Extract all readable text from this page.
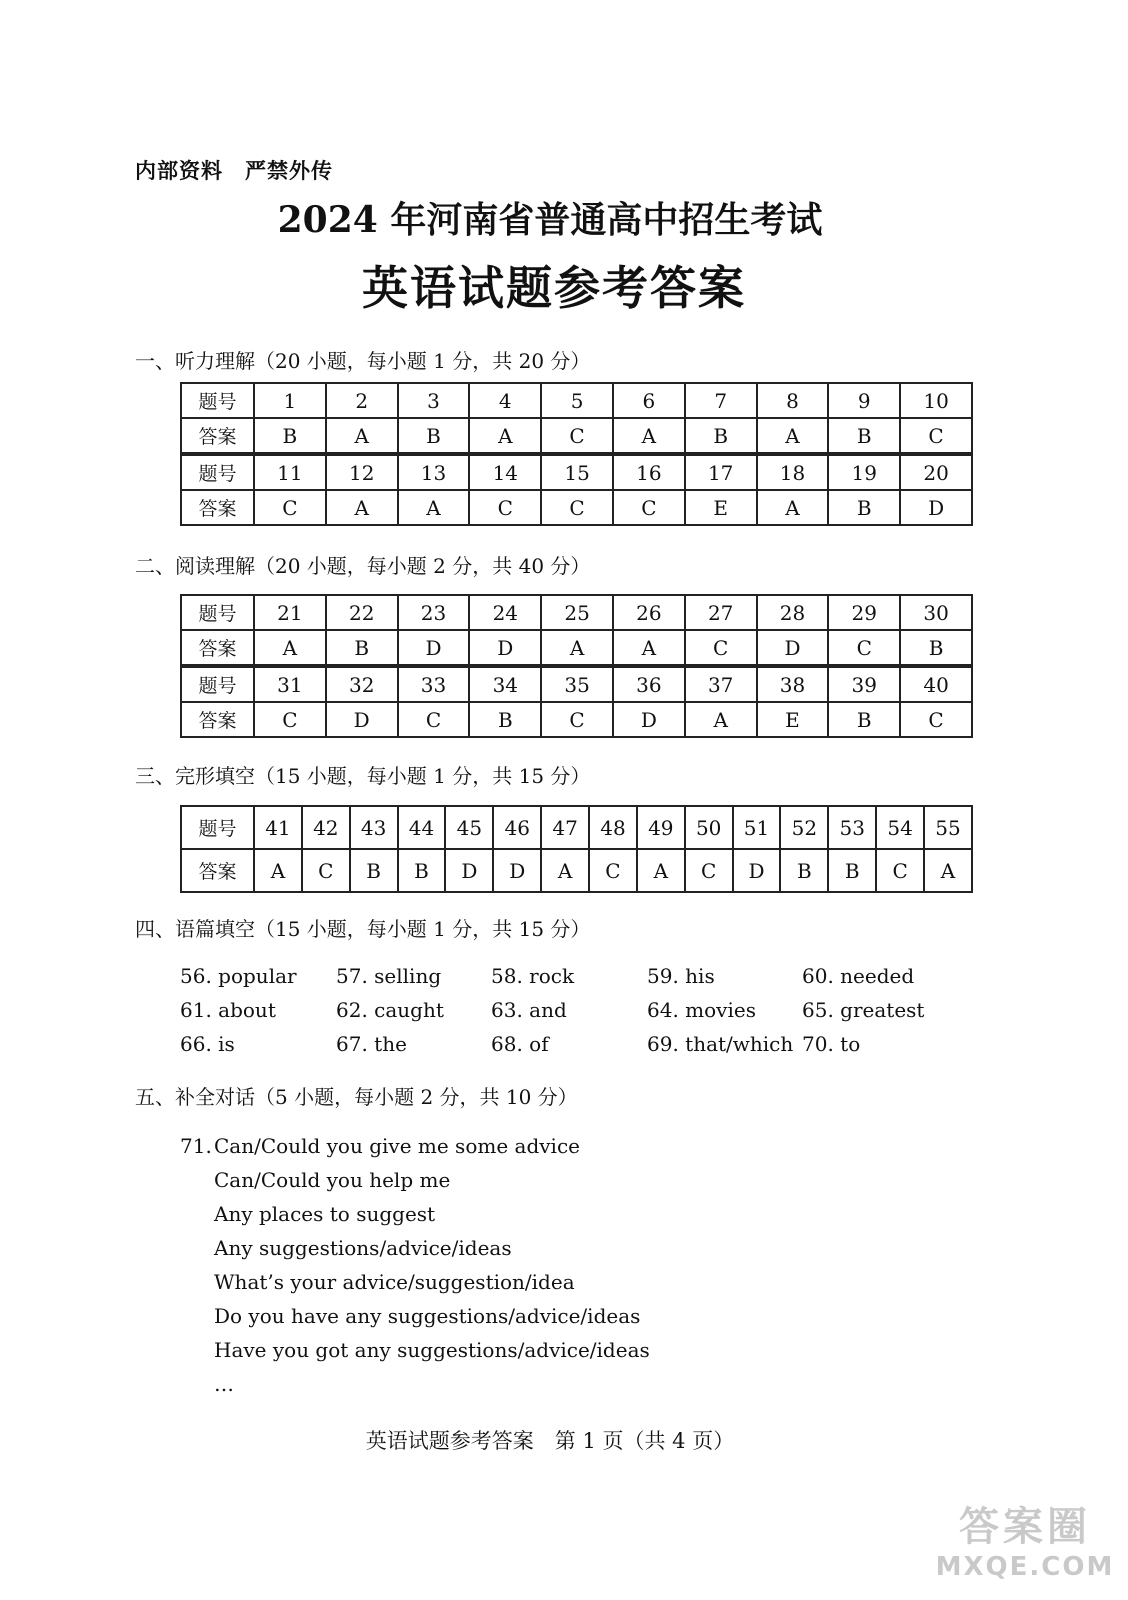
内部资料　严禁外传
2024 年河南省普通高中招生考试
英语试题参考答案
一、听力理解（20 小题，每小题 1 分，共 20 分）
题号	1	2	3	4	5	6	7	8	9	10
答案	B	A	B	A	C	A	B	A	B	C
题号	11	12	13	14	15	16	17	18	19	20
答案	C	A	A	C	C	C	E	A	B	D
二、阅读理解（20 小题，每小题 2 分，共 40 分）
题号	21	22	23	24	25	26	27	28	29	30
答案	A	B	D	D	A	A	C	D	C	B
题号	31	32	33	34	35	36	37	38	39	40
答案	C	D	C	B	C	D	A	E	B	C
三、完形填空（15 小题，每小题 1 分，共 15 分）
题号	41	42	43	44	45	46	47	48	49	50	51	52	53	54	55
答案	A	C	B	B	D	D	A	C	A	C	D	B	B	C	A
四、语篇填空（15 小题，每小题 1 分，共 15 分）
56. popular 57. selling 58. rock	59. his	60. needed
61. about	62. caught 63. and	64. movies 65. greatest
66. is	67. the	68. of	69. that/which 70. to
五、补全对话（5 小题，每小题 2 分，共 10 分）
71. Can/Could you give me some advice
Can/Could you help me
Any places to suggest
Any suggestions/advice/ideas
What’s your advice/suggestion/idea
Do you have any suggestions/advice/ideas
Have you got any suggestions/advice/ideas
…
英语试题参考答案　第 1 页（共 4 页）
答案圈
MXQE.COM
